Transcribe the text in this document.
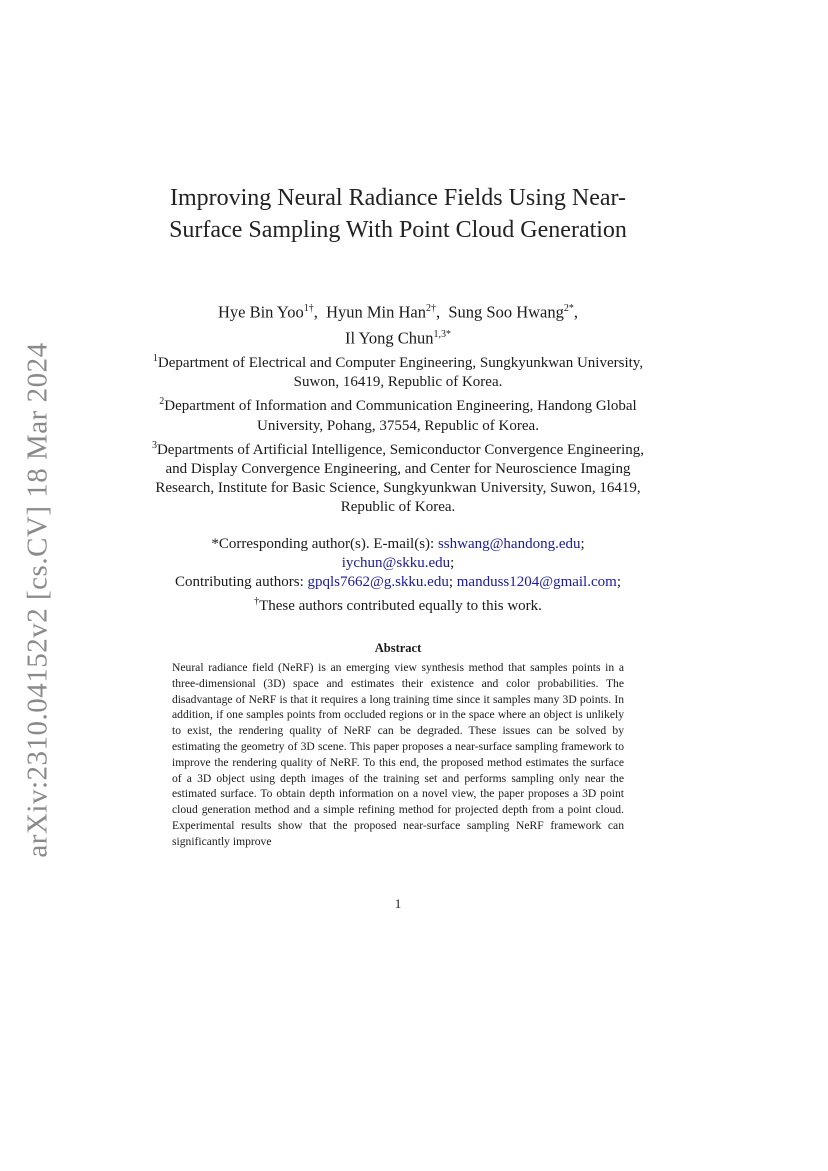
arXiv:2310.04152v2 [cs.CV] 18 Mar 2024
Improving Neural Radiance Fields Using Near-Surface Sampling With Point Cloud Generation
Hye Bin Yoo$^{1\dagger}$,  Hyun Min Han$^{2\dagger}$,  Sung Soo Hwang$^{2*}$,
Il Yong Chun$^{1,3*}$
$^1$Department of Electrical and Computer Engineering, Sungkyunkwan University, Suwon, 16419, Republic of Korea.
$^2$Department of Information and Communication Engineering, Handong Global University, Pohang, 37554, Republic of Korea.
$^3$Departments of Artificial Intelligence, Semiconductor Convergence Engineering, and Display Convergence Engineering, and Center for Neuroscience Imaging Research, Institute for Basic Science, Sungkyunkwan University, Suwon, 16419, Republic of Korea.
*Corresponding author(s). E-mail(s): sshwang@handong.edu;
iychun@skku.edu;
Contributing authors: gpqls7662@g.skku.edu; manduss1204@gmail.com;
†These authors contributed equally to this work.
Abstract
Neural radiance field (NeRF) is an emerging view synthesis method that samples points in a three-dimensional (3D) space and estimates their existence and color probabilities. The disadvantage of NeRF is that it requires a long training time since it samples many 3D points. In addition, if one samples points from occluded regions or in the space where an object is unlikely to exist, the rendering quality of NeRF can be degraded. These issues can be solved by estimating the geometry of 3D scene. This paper proposes a near-surface sampling framework to improve the rendering quality of NeRF. To this end, the proposed method estimates the surface of a 3D object using depth images of the training set and performs sampling only near the estimated surface. To obtain depth information on a novel view, the paper proposes a 3D point cloud generation method and a simple refining method for projected depth from a point cloud. Experimental results show that the proposed near-surface sampling NeRF framework can significantly improve
1
